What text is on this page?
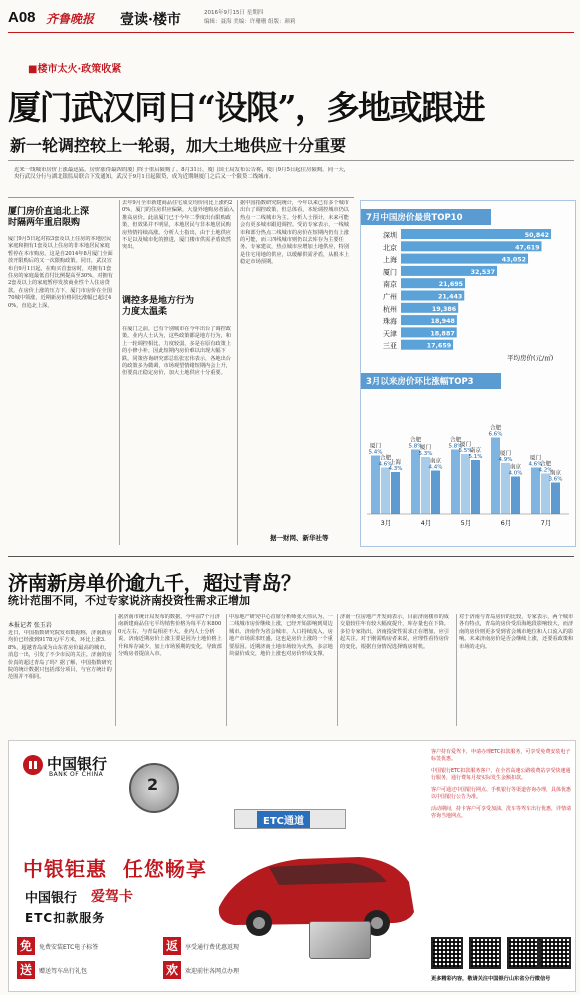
A08 齐鲁晚报 壹读·楼市	2016年9月15日 星期四
编辑：聂海 美编：许珊珊 组版：颜莉
■楼市太火·政策收紧
厦门武汉同日“设限”，多地或跟进
新一轮调控较上一轮弱，加大土地供应十分重要
近来一线城市房价上涨最迅猛，房价涨得最凶的厦门终于重启限购了。8月31日，厦门国土局发布公告称，厦门9月5日起住房限购。同一天，央行武汉分行与湖北银监局联合下发通知，武汉于9月1日起限贷，成为近期继厦门之后又一个限贷二线城市。
厦门房价直追北上深
时隔两年重启限购
厦门9月5日起对拟3套及以上住房的本地居民家庭和拥有1套及以上住房的非本地居民家庭暂停在本市购房。这是自2014年8月厦门全面放开限购后的又一次限购政策。同日，武汉宣布自9月1日起，在购买首套房时，对拥有1套住房的家庭最低首付比例提高至30%，对拥有2套及以上的家庭暂停发放商业性个人住房贷款。在房价上涨的压力下，厦门市房价在全国70城中领涨，近期新房价格同比涨幅已超过40%，直追北上深。
去年9月全市新建商品住宅成交均价同比上涨约20%，厦门的住房供应偏紧，大量外地购房者涌入推高房价。此前厦门已于今年二季度出台限购政策，但效果并不明显，本地居民与非本地居民购房热情持续高涨。分析人士指出，由于土地供应不足以及城市化的推进，厦门楼市供需矛盾依然突出。
调控多是地方行为
力度太温柔
在厦门之前，已有个别城市在今年出台了调控政策。业内人士认为，这些政策都是地方行为，和上一轮调控相比，力度较弱，多是在原有政策上的小修小补，因此短期内房价难以出现大幅下跌。同策咨询研究部总监张宏伟表示，各地出台的政策多为微调，市场观望情绪短期内会上升，但要真正稳定房价，加大土地供应十分重要。
据中国指数研究院统计，今年以来已有多个城市出台了调控政策，但总体看，本轮调控城市仍以热点一二线城市为主。分析人士预计，未来可能会有更多城市跟进调控。受访专家表示，一线城市和部分热点二线城市的房价在短期内仍有上涨的可能，而三四线城市则仍以去库存为主要任务。专家建议，热点城市应增加土地供应，特别是住宅用地的供应，以缓解供需矛盾，从根本上稳定市场预期。
据一财网、新华社等
7月中国房价最贵TOP10
深圳	50,842
北京	47,619
上海	43,052
厦门	32,537
南京	21,695
广州	21,443
杭州	19,386
珠海	18,948
天津	18,887
三亚	17,659
平均房价(元/㎡)
3月以来房价环比涨幅TOP3
厦门
5.4%
合肥
4.6%
上海
4.3%
3月
合肥
5.8%
厦门
5.3%
南京
4.4%
4月
合肥
5.8%
厦门
5.5%
南京
5.1%
5月
合肥
6.6%
厦门
4.9%
南京
4.0%
6月
厦门
4.6%
合肥
4.2%
南京
3.6%
7月
济南新房单价逾九千，超过青岛？
统计范围不同，不过专家说济南投资性需求正增加
本报记者 张玉岩
近日，中国指数研究院发布数据称，济南新房均价已经涨到9178元/平方米，环比上涨3.8%，超越青岛成为山东省房价最高的城市。消息一出，引发了不少市民的关注。济南的房价真的超过青岛了吗？据了解，中国指数研究院的统计数据只包括部分项目，与官方统计的范围并不相同。
据济南市统计局发布的数据，今年前7个月济南新建商品住宅平均销售价格为每平方米8000元左右，与青岛相差不大。业内人士分析说，济南近期房价上涨主要是因为土地价格上升和库存减少，加上市场预期的变化，导致部分购房者提前入市。
中原地产研究中心首席分析师张大伟认为，一二线城市房价继续上涨，已经开始影响到周边城市。济南作为省会城市，人口持续流入，房地产市场需求旺盛，这也是房价上涨的一个重要原因。近期济南土地市场较为火热，多宗地块溢价成交，地价上涨也对房价形成支撑。
济南一位房地产开发商表示，目前济南楼市的成交量较往年有较大幅度提升，库存量也在下降。多位专家指出，济南投资性需求正在增加，应引起关注。对于刚需购房者来说，应理性看待房价的变化，根据自身情况选择购房时机。
对于济南与青岛房价的比较，专家表示，两个城市各有特点，青岛的房价受沿海地段影响较大，而济南的房价则更多受到省会城市地位和人口流入的影响。未来济南房价是否会继续上涨，还要看政策和市场的走向。
中国银行
BANK OF CHINA
2
ETC通道
中银钜惠  任您畅享
中国银行 爱驾卡
ETC扣款服务
免	免费安装ETC电子标签	返	享受通行费优惠返现
送	赠送驾车出行礼包	欢	欢迎前往各网点办理
客户持有爱驾卡，申请办理ETC扣款服务，可享受免费安装电子标签优惠。
中国银行ETC扣款服务客户，在全省高速公路收费站享受快速通行服务，通行费每月按实际发生金额扣款。
客户可通过中国银行网点、手机银行等渠道咨询办理，具体优惠以中国银行公告为准。
活动期间，持卡客户可享受加油、洗车等驾车出行优惠，详情请咨询当地网点。
更多精彩内容，敬请关注中国银行山东省分行微信号
